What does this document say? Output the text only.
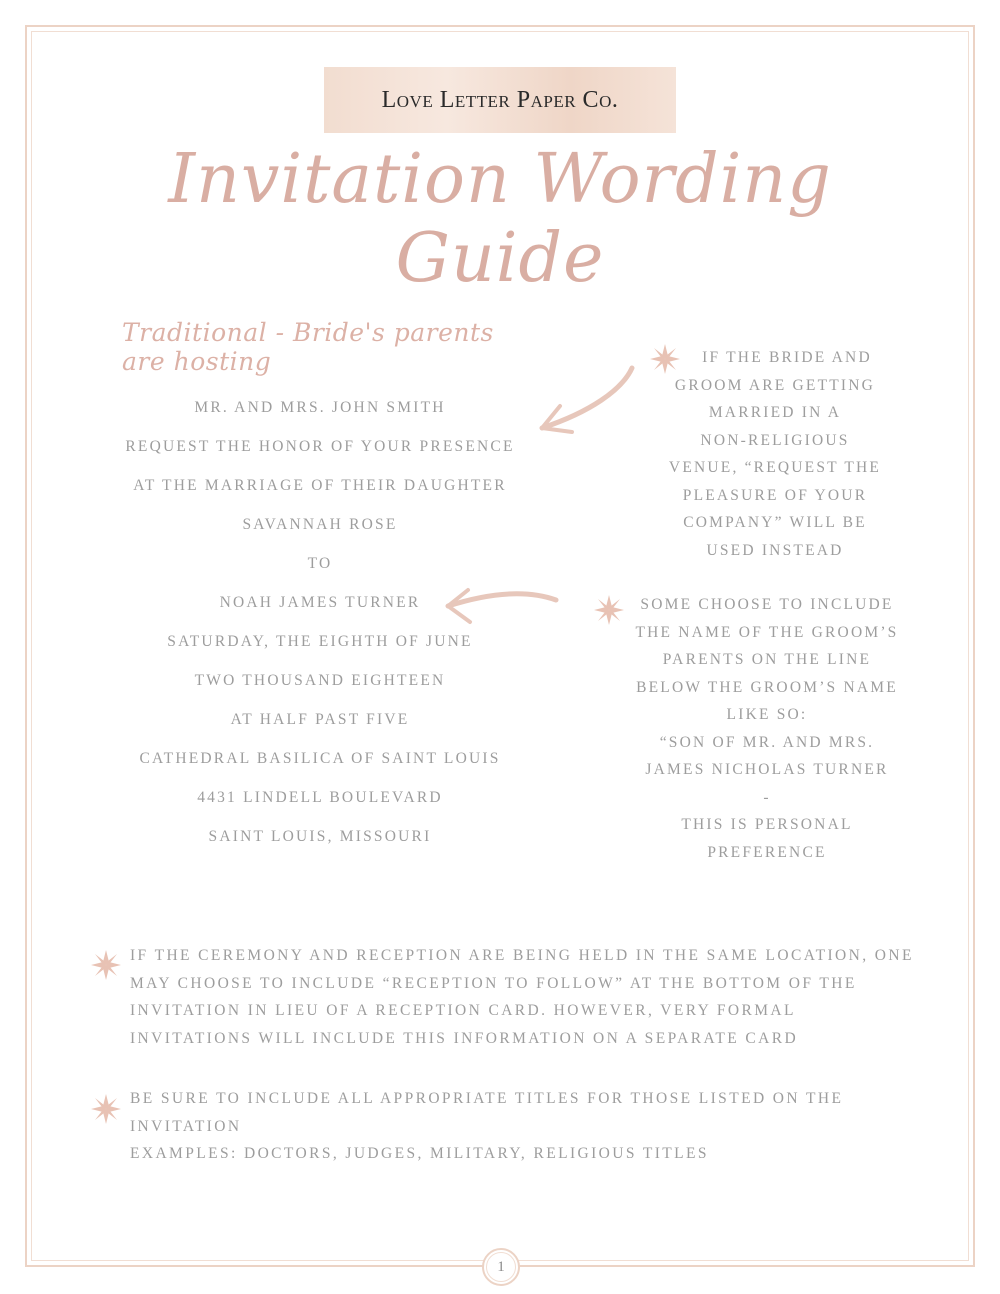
Love Letter Paper Co.
Invitation Wording Guide
Traditional - Bride's parents are hosting
MR. AND MRS. JOHN SMITH
REQUEST THE HONOR OF YOUR PRESENCE
AT THE MARRIAGE OF THEIR DAUGHTER
SAVANNAH ROSE
TO
NOAH JAMES TURNER
SATURDAY, THE EIGHTH OF JUNE
TWO THOUSAND EIGHTEEN
AT HALF PAST FIVE
CATHEDRAL BASILICA OF SAINT LOUIS
4431 LINDELL BOULEVARD
SAINT LOUIS, MISSOURI
IF THE BRIDE AND
GROOM ARE GETTING
MARRIED IN A
NON-RELIGIOUS
VENUE, “REQUEST THE
PLEASURE OF YOUR
COMPANY” WILL BE
USED INSTEAD
SOME CHOOSE TO INCLUDE
THE NAME OF THE GROOM’S
PARENTS ON THE LINE
BELOW THE GROOM’S NAME
LIKE SO:
“SON OF MR. AND MRS.
JAMES NICHOLAS TURNER
-
THIS IS PERSONAL
PREFERENCE
IF THE CEREMONY AND RECEPTION ARE BEING HELD IN THE SAME LOCATION, ONE
MAY CHOOSE TO INCLUDE “RECEPTION TO FOLLOW” AT THE BOTTOM OF THE
INVITATION IN LIEU OF A RECEPTION CARD. HOWEVER, VERY FORMAL
INVITATIONS WILL INCLUDE THIS INFORMATION ON A SEPARATE CARD
BE SURE TO INCLUDE ALL APPROPRIATE TITLES FOR THOSE LISTED ON THE
INVITATION
EXAMPLES: DOCTORS, JUDGES, MILITARY, RELIGIOUS TITLES
1
